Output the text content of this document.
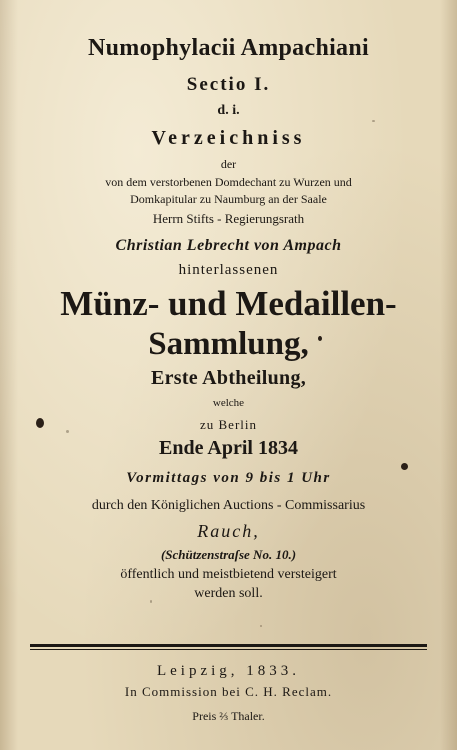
Numophylacii Ampachiani
Sectio I.
d. i.
Verzeichniss
der
von dem verstorbenen Domdechant zu Wurzen und
Domkapitular zu Naumburg an der Saale
Herrn Stifts - Regierungsrath
Christian Lebrecht von Ampach
hinterlassenen
Münz- und Medaillen-
Sammlung,
Erste Abtheilung,
welche
zu Berlin
Ende April 1834
Vormittags von 9 bis 1 Uhr
durch den Königlichen Auctions - Commissarius
Rauch,
(Schützenstraſse No. 10.)
öffentlich und meistbietend versteigert
werden soll.
Leipzig, 1833.
In Commission bei C. H. Reclam.
Preis ⅔ Thaler.
